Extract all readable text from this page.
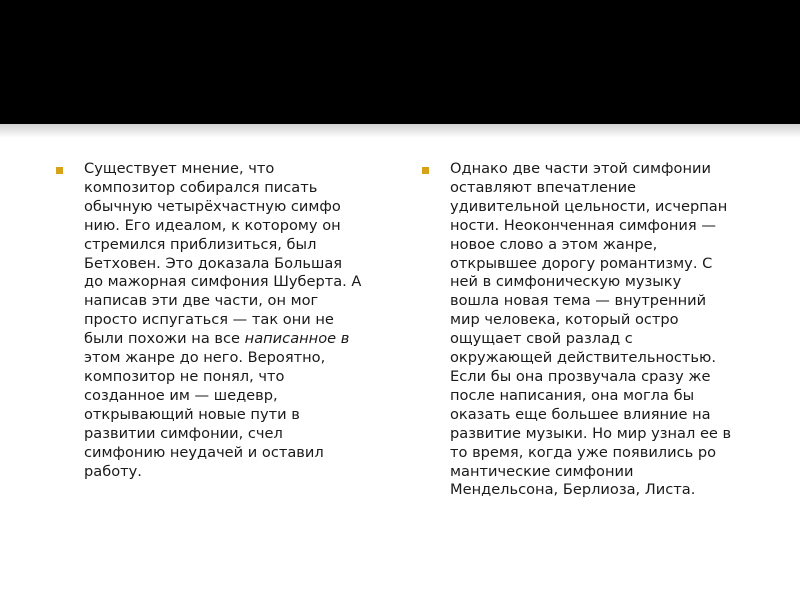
Существует мнение, что
композитор собирался писать
обычную четырёхчастную симфо
нию. Его идеалом, к которому он
стремился приблизиться, был
Бетховен. Это доказала Большая
до мажорная симфония Шуберта. А
написав эти две части, он мог
просто испугаться — так они не
были похожи на все написанное в
этом жанре до него. Вероятно,
композитор не понял, что
созданное им — шедевр,
открывающий новые пути в
развитии симфонии, счел
симфонию неудачей и оставил
работу.
Однако две части этой симфонии
оставляют впечатление
удивительной цельности, исчерпан
ности. Неоконченная симфония —
новое слово а этом жанре,
открывшее дорогу романтизму. С
ней в симфоническую музыку
вошла новая тема — внутренний
мир человека, который остро
ощущает свой разлад с
окружающей действительностью.
Если бы она прозвучала сразу же
после написания, она могла бы
оказать еще большее влияние на
развитие музыки. Но мир узнал ее в
то время, когда уже появились ро
мантические симфонии
Мендельсона, Берлиоза, Листа.
